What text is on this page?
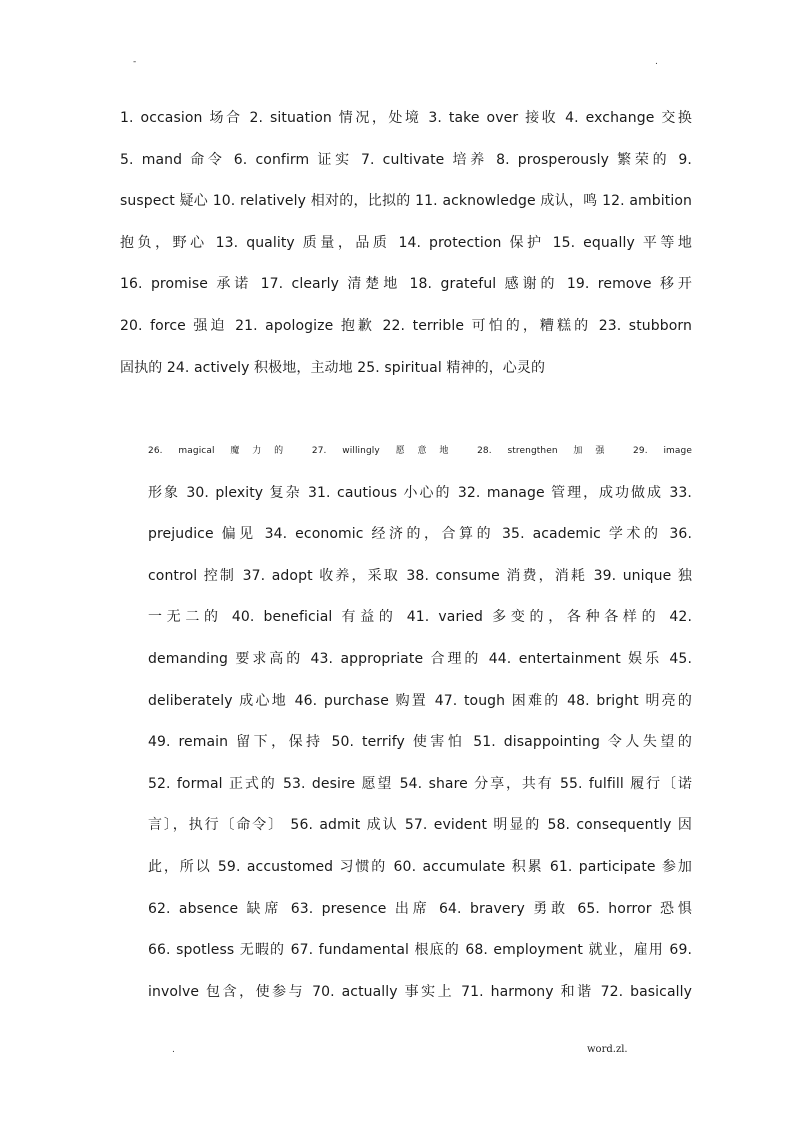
-	.
1. occasion 场合 2. situation 情况，处境 3. take over 接收 4. exchange 交换
5. mand 命令 6. confirm 证实 7. cultivate 培养 8. prosperously 繁荣的 9.
suspect 疑心 10. relatively 相对的，比拟的 11. acknowledge 成认，鸣 12. ambition
抱负，野心 13. quality 质量，品质 14. protection 保护 15. equally 平等地
16. promise 承诺 17. clearly 清楚地 18. grateful 感谢的 19. remove 移开
20. force 强迫 21. apologize 抱歉 22. terrible 可怕的，糟糕的 23. stubborn
固执的 24. actively 积极地，主动地 25. spiritual 精神的，心灵的
26. magical 魔力的 27. willingly 愿意地 28. strengthen 加强 29. image
形象 30. plexity 复杂 31. cautious 小心的 32. manage 管理，成功做成 33.
prejudice 偏见 34. economic 经济的，合算的 35. academic 学术的 36.
control 控制 37. adopt 收养，采取 38. consume 消费，消耗 39. unique 独
一无二的 40. beneficial 有益的 41. varied 多变的，各种各样的 42.
demanding 要求高的 43. appropriate 合理的 44. entertainment 娱乐 45.
deliberately 成心地 46. purchase 购置 47. tough 困难的 48. bright 明亮的
49. remain 留下，保持 50. terrify 使害怕 51. disappointing 令人失望的
52. formal 正式的 53. desire 愿望 54. share 分享，共有 55. fulfill 履行〔诺
言〕，执行〔命令〕 56. admit 成认 57. evident 明显的 58. consequently 因
此，所以 59. accustomed 习惯的 60. accumulate 积累 61. participate 参加
62. absence 缺席 63. presence 出席 64. bravery 勇敢 65. horror 恐惧
66. spotless 无暇的 67. fundamental 根底的 68. employment 就业，雇用 69.
involve 包含，使参与 70. actually 事实上 71. harmony 和谐 72. basically
.	word.zl.
